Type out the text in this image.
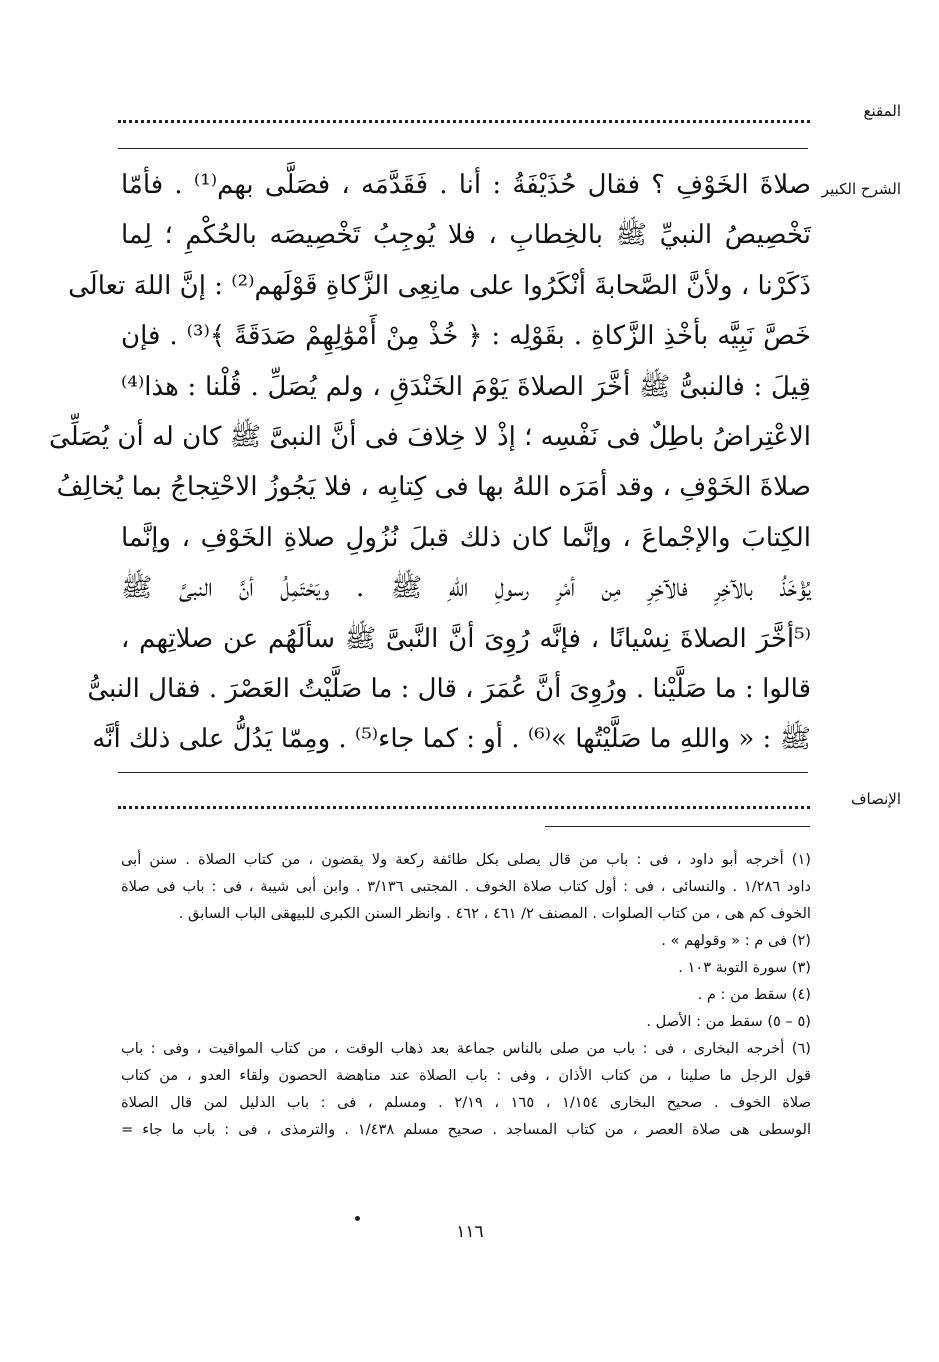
المقنع
الشرح الكبير
صلاةَ الخَوْفِ ؟ فقال حُذَيْفَةُ : أنا . فَقَدَّمَه ، فصَلَّى بهم⁽¹⁾ . فأمّا
تَخْصِيصُ النبيِّ ﷺ بالخِطابِ ، فلا يُوجِبُ تَخْصِيصَه بالحُكْمِ ؛ لِما
ذَكَرْنا ، ولأنَّ الصَّحابةَ أنْكَرُوا على مانِعِى الزَّكاةِ قَوْلَهم⁽²⁾ : إنَّ اللهَ تعالَى
خَصَّ نَبِيَّه بأخْذِ الزَّكاةِ . بقَوْلِه : ﴿ خُذْ مِنْ أَمْوَٰلِهِمْ صَدَقَةً ﴾⁽³⁾ . فإن
قِيلَ : فالنبىُّ ﷺ أخَّرَ الصلاةَ يَوْمَ الخَنْدَقِ ، ولم يُصَلِّ . قُلْنا : هذا⁽⁴⁾
الاعْتِراضُ باطِلٌ فى نَفْسِه ؛ إذْ لا خِلافَ فى أنَّ النبىَّ ﷺ كان له أن يُصَلِّىَ
صلاةَ الخَوْفِ ، وقد أمَرَه اللهُ بها فى كِتابِه ، فلا يَجُوزُ الاحْتِجاجُ بما يُخالِفُ
الكِتابَ والإجْماعَ ، وإنَّما كان ذلك قبلَ نُزُولِ صلاةِ الخَوْفِ ، وإنَّما
يُؤْخَذُ بالآخِرِ فالآخِرِ مِن أمْرِ رسولِ اللهِ ﷺ . ويَحْتَمِلُ أنَّ النبىَّ ﷺ
⁽⁵أخَّرَ الصلاةَ نِسْيانًا ، فإنَّه رُوِىَ أنَّ النَّبىَّ ﷺ سألَهُم عن صلاتِهم ،
قالوا : ما صَلَّيْنا . ورُوِىَ أنَّ عُمَرَ ، قال : ما صَلَّيْتُ العَصْرَ . فقال النبىُّ
ﷺ : « واللهِ ما صَلَّيْتُها »⁽⁶⁾ . أو : كما جاء⁽⁵⁾ . ومِمّا يَدُلُّ على ذلك أنَّه
الإنصاف
(١) أخرجه أبو داود ، فى : باب من قال يصلى بكل طائفة ركعة ولا يقضون ، من كتاب الصلاة . سنن أبى
داود ١/٢٨٦ . والنسائى ، فى : أول كتاب صلاة الخوف . المجتبى ٣/١٣٦ . وابن أبى شيبة ، فى : باب فى صلاة
الخوف كم هى ، من كتاب الصلوات . المصنف ٢/ ٤٦١ ، ٤٦٢ . وانظر السنن الكبرى للبيهقى الباب السابق .
(٢) فى م : « وقولهم » .
(٣) سورة التوبة ١٠٣ .
(٤) سقط من : م .
(٥ – ٥) سقط من : الأصل .
(٦) أخرجه البخارى ، فى : باب من صلى بالناس جماعة بعد ذهاب الوقت ، من كتاب المواقيت ، وفى : باب
قول الرجل ما صلينا ، من كتاب الأذان ، وفى : باب الصلاة عند مناهضة الحصون ولقاء العدو ، من كتاب
صلاة الخوف . صحيح البخارى ١/١٥٤ ، ١٦٥ ، ٢/١٩ . ومسلم ، فى : باب الدليل لمن قال الصلاة
الوسطى هى صلاة العصر ، من كتاب المساجد . صحيح مسلم ١/٤٣٨ . والترمذى ، فى : باب ما جاء =
١١٦
